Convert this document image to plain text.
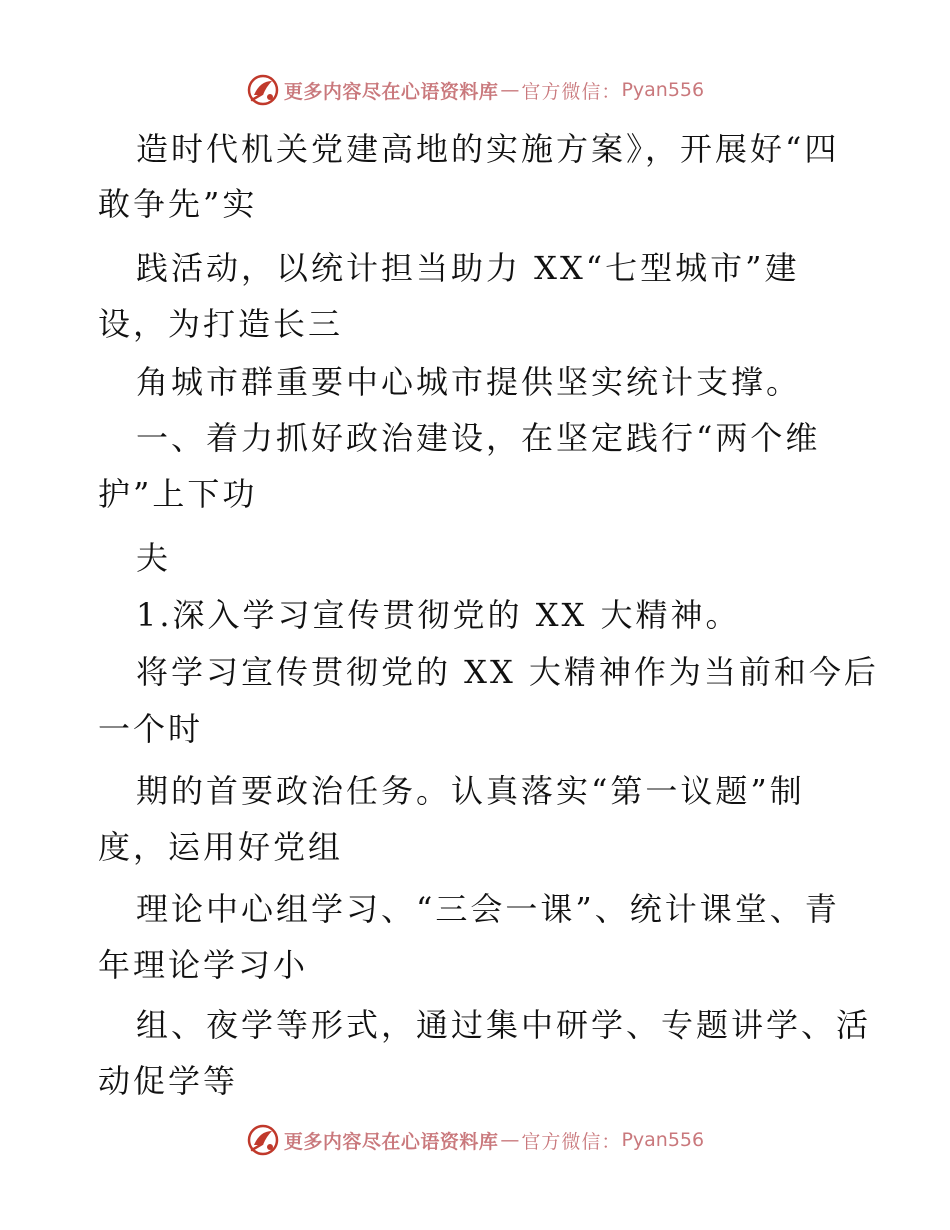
更多内容尽在心语资料库 — 官方微信： Pyan556
造时代机关党建高地的实施方案》，开展好“四
敢争先”实
践活动，以统计担当助力 XX“七型城市”建
设，为打造长三
角城市群重要中心城市提供坚实统计支撑。
一、着力抓好政治建设，在坚定践行“两个维
护”上下功
夫
1.深入学习宣传贯彻党的 XX 大精神。
将学习宣传贯彻党的 XX 大精神作为当前和今后
一个时
期的首要政治任务。认真落实“第一议题”制
度，运用好党组
理论中心组学习、“三会一课”、统计课堂、青
年理论学习小
组、夜学等形式，通过集中研学、专题讲学、活
动促学等
更多内容尽在心语资料库 — 官方微信： Pyan556
